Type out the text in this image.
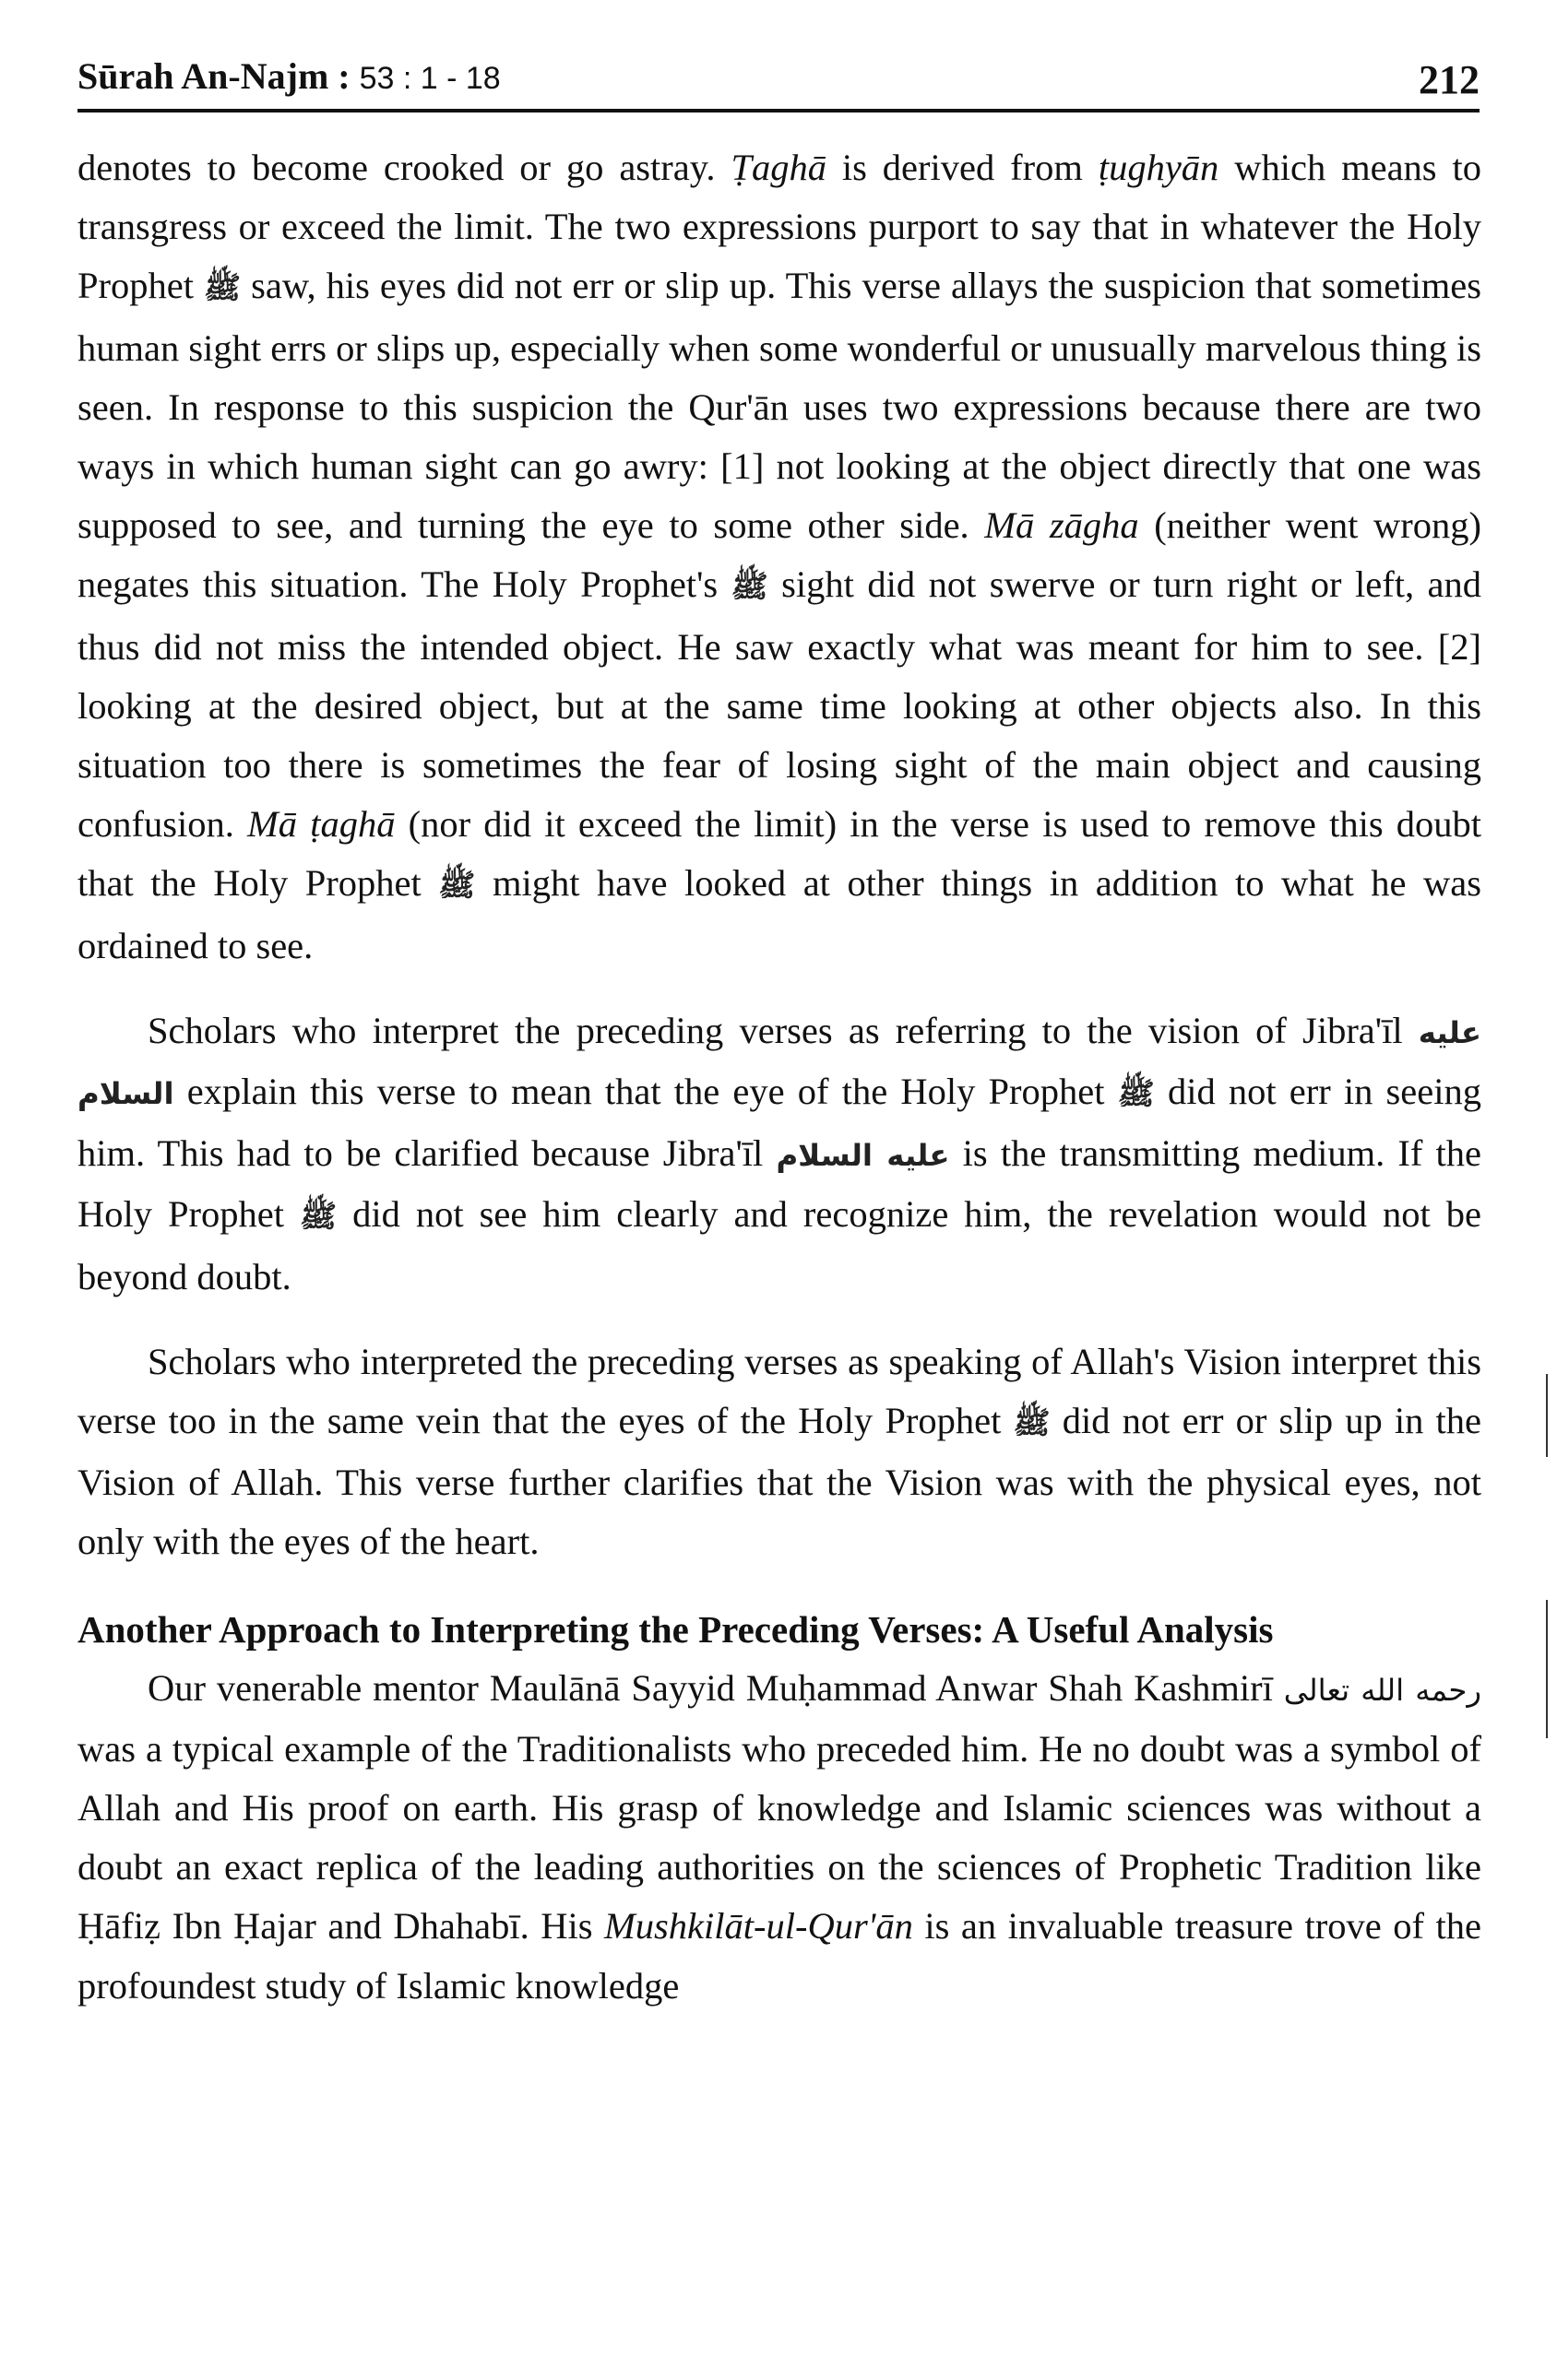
Sūrah An-Najm : 53 : 1 - 18	212

denotes to become crooked or go astray. Ṭaghā is derived from ṭughyān which means to transgress or exceed the limit. The two expressions purport to say that in whatever the Holy Prophet ﷺ saw, his eyes did not err or slip up. This verse allays the suspicion that sometimes human sight errs or slips up, especially when some wonderful or unusually marvelous thing is seen. In response to this suspicion the Qur'ān uses two expressions because there are two ways in which human sight can go awry: [1] not looking at the object directly that one was supposed to see, and turning the eye to some other side. Mā zāgha (neither went wrong) negates this situation. The Holy Prophet's ﷺ sight did not swerve or turn right or left, and thus did not miss the intended object. He saw exactly what was meant for him to see. [2] looking at the desired object, but at the same time looking at other objects also. In this situation too there is sometimes the fear of losing sight of the main object and causing confusion. Mā ṭaghā (nor did it exceed the limit) in the verse is used to remove this doubt that the Holy Prophet ﷺ might have looked at other things in addition to what he was ordained to see.

Scholars who interpret the preceding verses as referring to the vision of Jibra'īl عليه السلام explain this verse to mean that the eye of the Holy Prophet ﷺ did not err in seeing him. This had to be clarified because Jibra'īl عليه السلام is the transmitting medium. If the Holy Prophet ﷺ did not see him clearly and recognize him, the revelation would not be beyond doubt.

Scholars who interpreted the preceding verses as speaking of Allah's Vision interpret this verse too in the same vein that the eyes of the Holy Prophet ﷺ did not err or slip up in the Vision of Allah. This verse further clarifies that the Vision was with the physical eyes, not only with the eyes of the heart.

Another Approach to Interpreting the Preceding Verses: A Useful Analysis

Our venerable mentor Maulānā Sayyid Muḥammad Anwar Shah Kashmirī رحمه الله تعالى was a typical example of the Traditionalists who preceded him. He no doubt was a symbol of Allah and His proof on earth. His grasp of knowledge and Islamic sciences was without a doubt an exact replica of the leading authorities on the sciences of Prophetic Tradition like Ḥāfiẓ Ibn Ḥajar and Dhahabī. His Mushkilāt-ul-Qur'ān is an invaluable treasure trove of the profoundest study of Islamic knowledge
